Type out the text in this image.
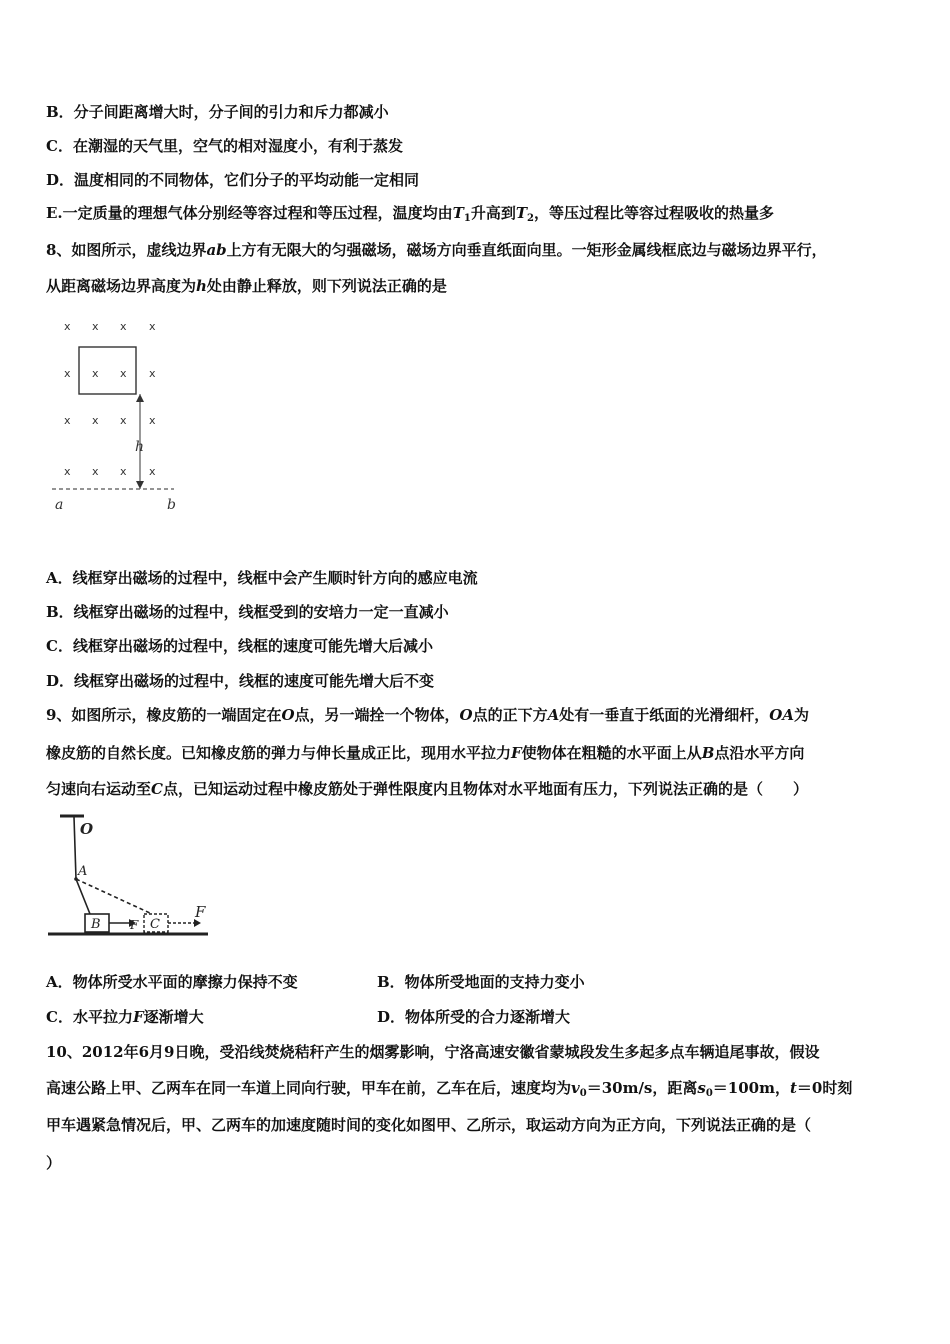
B．分子间距离增大时，分子间的引力和斥力都减小
C．在潮湿的天气里，空气的相对湿度小，有利于蒸发
D．温度相同的不同物体，它们分子的平均动能一定相同
E.一定质量的理想气体分别经等容过程和等压过程，温度均由$T_1$升高到$T_2$，等压过程比等容过程吸收的热量多
8、如图所示，虚线边界ab上方有无限大的匀强磁场，磁场方向垂直纸面向里。一矩形金属线框底边与磁场边界平行，
从距离磁场边界高度为h处由静止释放，则下列说法正确的是
x x x x
x x x x
x x x x
x x x x
h
a	b
A．线框穿出磁场的过程中，线框中会产生顺时针方向的感应电流
B．线框穿出磁场的过程中，线框受到的安培力一定一直减小
C．线框穿出磁场的过程中，线框的速度可能先增大后减小
D．线框穿出磁场的过程中，线框的速度可能先增大后不变
9、如图所示，橡皮筋的一端固定在O点，另一端拴一个物体，O点的正下方A处有一垂直于纸面的光滑细杆，OA为
橡皮筋的自然长度。已知橡皮筋的弹力与伸长量成正比，现用水平拉力F使物体在粗糙的水平面上从B点沿水平方向
匀速向右运动至C点，已知运动过程中橡皮筋处于弹性限度内且物体对水平地面有压力，下列说法正确的是（　　）
O
A
B F C
F
A．物体所受水平面的摩擦力保持不变	B．物体所受地面的支持力变小
C．水平拉力F逐渐增大	D．物体所受的合力逐渐增大
10、2012年6月9日晚，受沿线焚烧秸秆产生的烟雾影响，宁洛高速安徽省蒙城段发生多起多点车辆追尾事故，假设
高速公路上甲、乙两车在同一车道上同向行驶，甲车在前，乙车在后，速度均为$v_0=30m/s$，距离$s_0=100m$，t＝0时刻
甲车遇紧急情况后，甲、乙两车的加速度随时间的变化如图甲、乙所示，取运动方向为正方向，下列说法正确的是（
）
